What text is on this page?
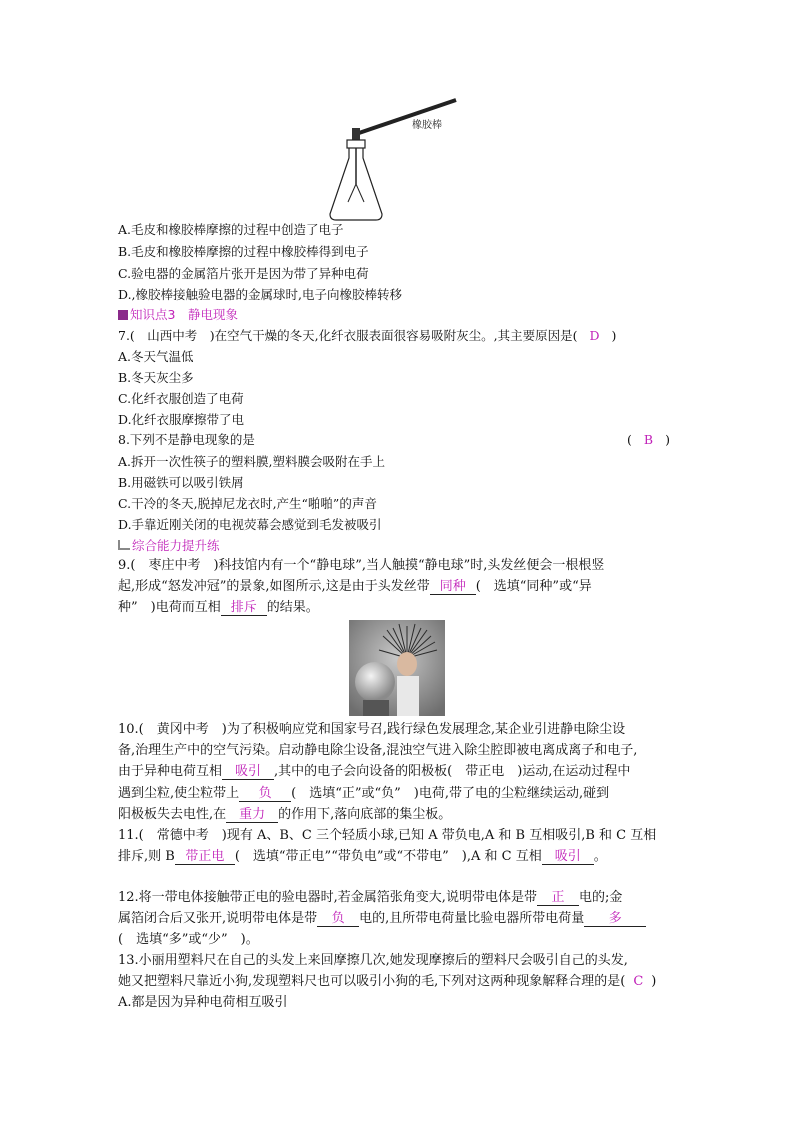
橡胶棒
A.毛皮和橡胶棒摩擦的过程中创造了电子
B.毛皮和橡胶棒摩擦的过程中橡胶棒得到电子
C.验电器的金属箔片张开是因为带了异种电荷
D.,橡胶棒接触验电器的金属球时,电子向橡胶棒转移
知识点3　静电现象
7.(　山西中考　)在空气干燥的冬天,化纤衣服表面很容易吸附灰尘。,其主要原因是( D )
A.冬天气温低
B.冬天灰尘多
C.化纤衣服创造了电荷
D.化纤衣服摩擦带了电
8.下列不是静电现象的是	( B )
A.拆开一次性筷子的塑料膜,塑料膜会吸附在手上
B.用磁铁可以吸引铁屑
C.干冷的冬天,脱掉尼龙衣时,产生“啪啪”的声音
D.手靠近刚关闭的电视荧幕会感觉到毛发被吸引
综合能力提升练
9.(　枣庄中考　)科技馆内有一个“静电球”,当人触摸“静电球”时,头发丝便会一根根竖
起,形成“怒发冲冠”的景象,如图所示,这是由于头发丝带 同种 (　选填“同种”或“异
种”　)电荷而互相 排斥 的结果。
10.(　黄冈中考　)为了积极响应党和国家号召,践行绿色发展理念,某企业引进静电除尘设
备,治理生产中的空气污染。启动静电除尘设备,混浊空气进入除尘腔即被电离成离子和电子,
由于异种电荷互相 吸引 ,其中的电子会向设备的阳极板(　带正电　)运动,在运动过程中
遇到尘粒,使尘粒带上 负 (　选填“正”或“负”　)电荷,带了电的尘粒继续运动,碰到
阳极板失去电性,在 重力 的作用下,落向底部的集尘板。
11.(　常德中考　)现有 A、B、C 三个轻质小球,已知 A 带负电,A 和 B 互相吸引,B 和 C 互相
排斥,则 B 带正电 (　选填“带正电”“带负电”或“不带电”　),A 和 C 互相 吸引 。
12.将一带电体接触带正电的验电器时,若金属箔张角变大,说明带电体是带 正 电的;金
属箔闭合后又张开,说明带电体是带 负 电的,且所带电荷量比验电器所带电荷量 多
(　选填“多”或“少”　)。
13.小丽用塑料尺在自己的头发上来回摩擦几次,她发现摩擦后的塑料尺会吸引自己的头发,
她又把塑料尺靠近小狗,发现塑料尺也可以吸引小狗的毛,下列对这两种现象解释合理的是( C )
A.都是因为异种电荷相互吸引
